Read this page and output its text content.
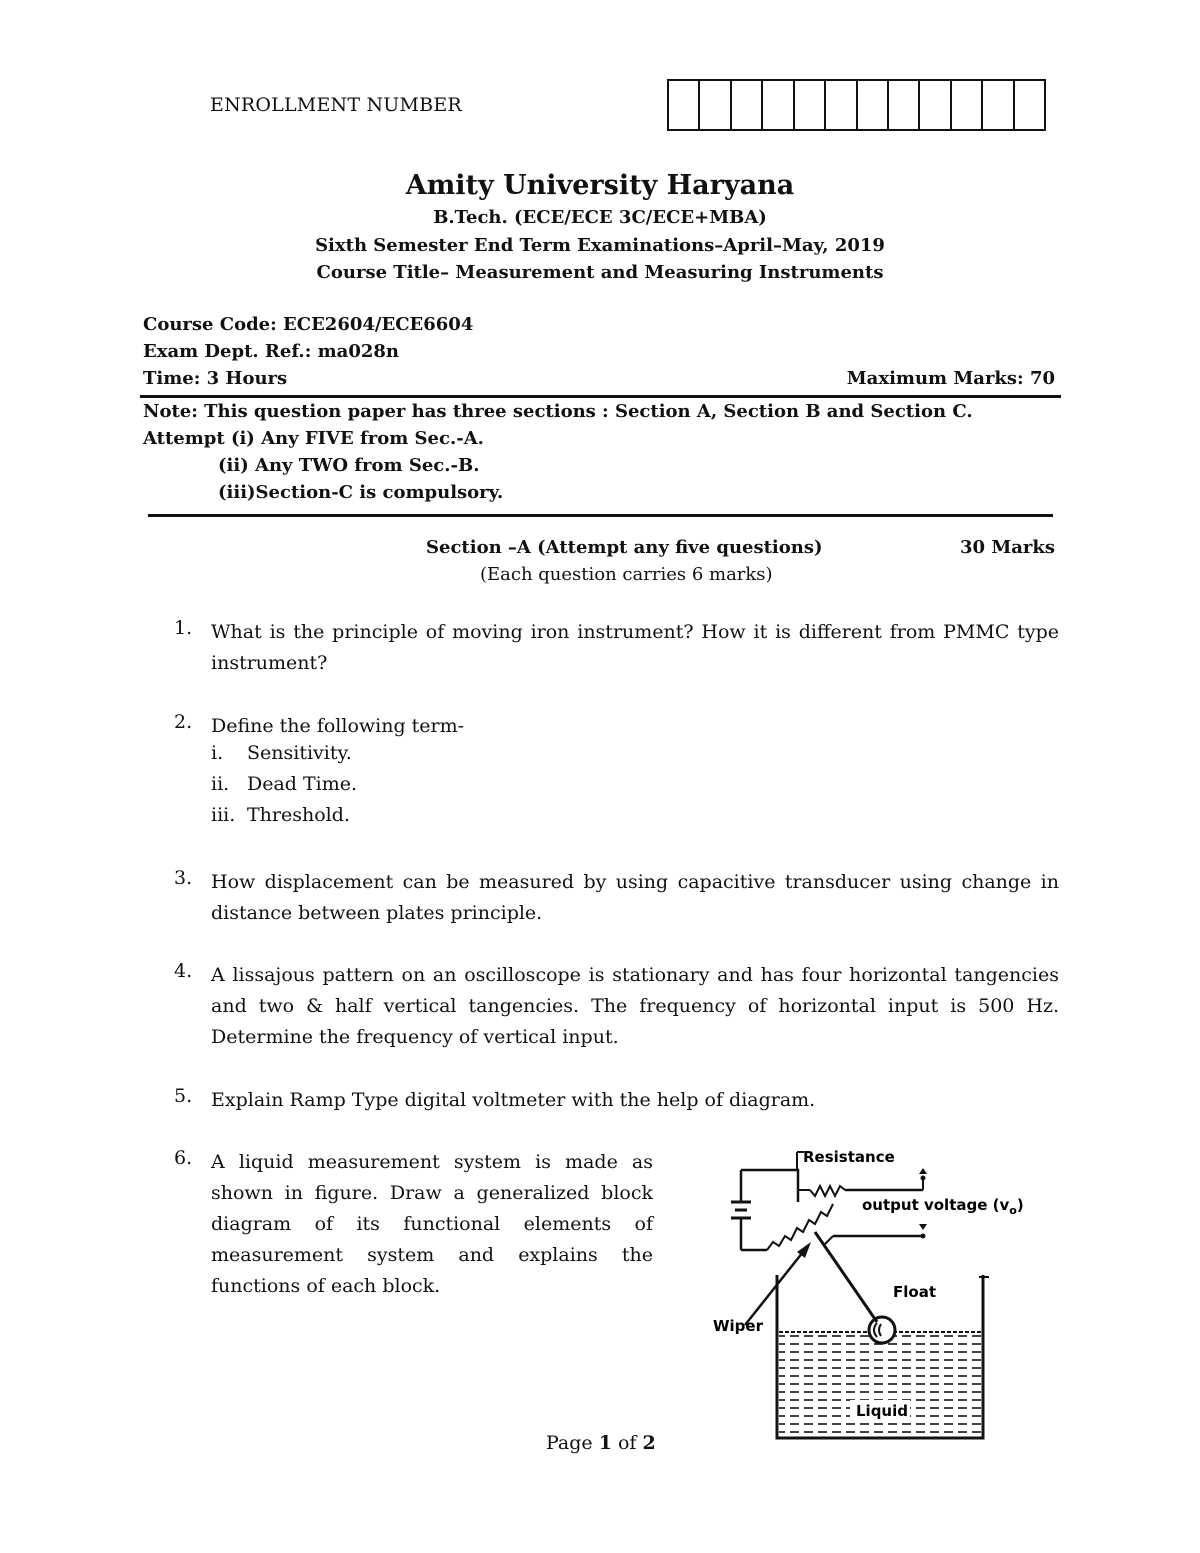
ENROLLMENT NUMBER
Amity University Haryana
B.Tech. (ECE/ECE 3C/ECE+MBA)
Sixth Semester End Term Examinations–April–May, 2019
Course Title– Measurement and Measuring Instruments
Course Code: ECE2604/ECE6604
Exam Dept. Ref.: ma028n
Time: 3 Hours	Maximum Marks: 70
Note: This question paper has three sections : Section A, Section B and Section C.
Attempt (i) Any FIVE from Sec.-A.
(ii) Any TWO from Sec.-B.
(iii)Section-C is compulsory.
Section –A (Attempt any five questions)	30 Marks
(Each question carries 6 marks)
1. What is the principle of moving iron instrument? How it is different from PMMC type instrument?
2. Define the following term-
i. Sensitivity.
ii. Dead Time.
iii. Threshold.
3. How displacement can be measured by using capacitive transducer using change in distance between plates principle.
4. A lissajous pattern on an oscilloscope is stationary and has four horizontal tangencies and two & half vertical tangencies. The frequency of horizontal input is 500 Hz. Determine the frequency of vertical input.
5. Explain Ramp Type digital voltmeter with the help of diagram.
6. A liquid measurement system is made as shown in figure. Draw a generalized block diagram of its functional elements of measurement system and explains the functions of each block.
Liquid
Float
Resistance
output voltage $(v_o)$
Wiper
Page 1 of 2
